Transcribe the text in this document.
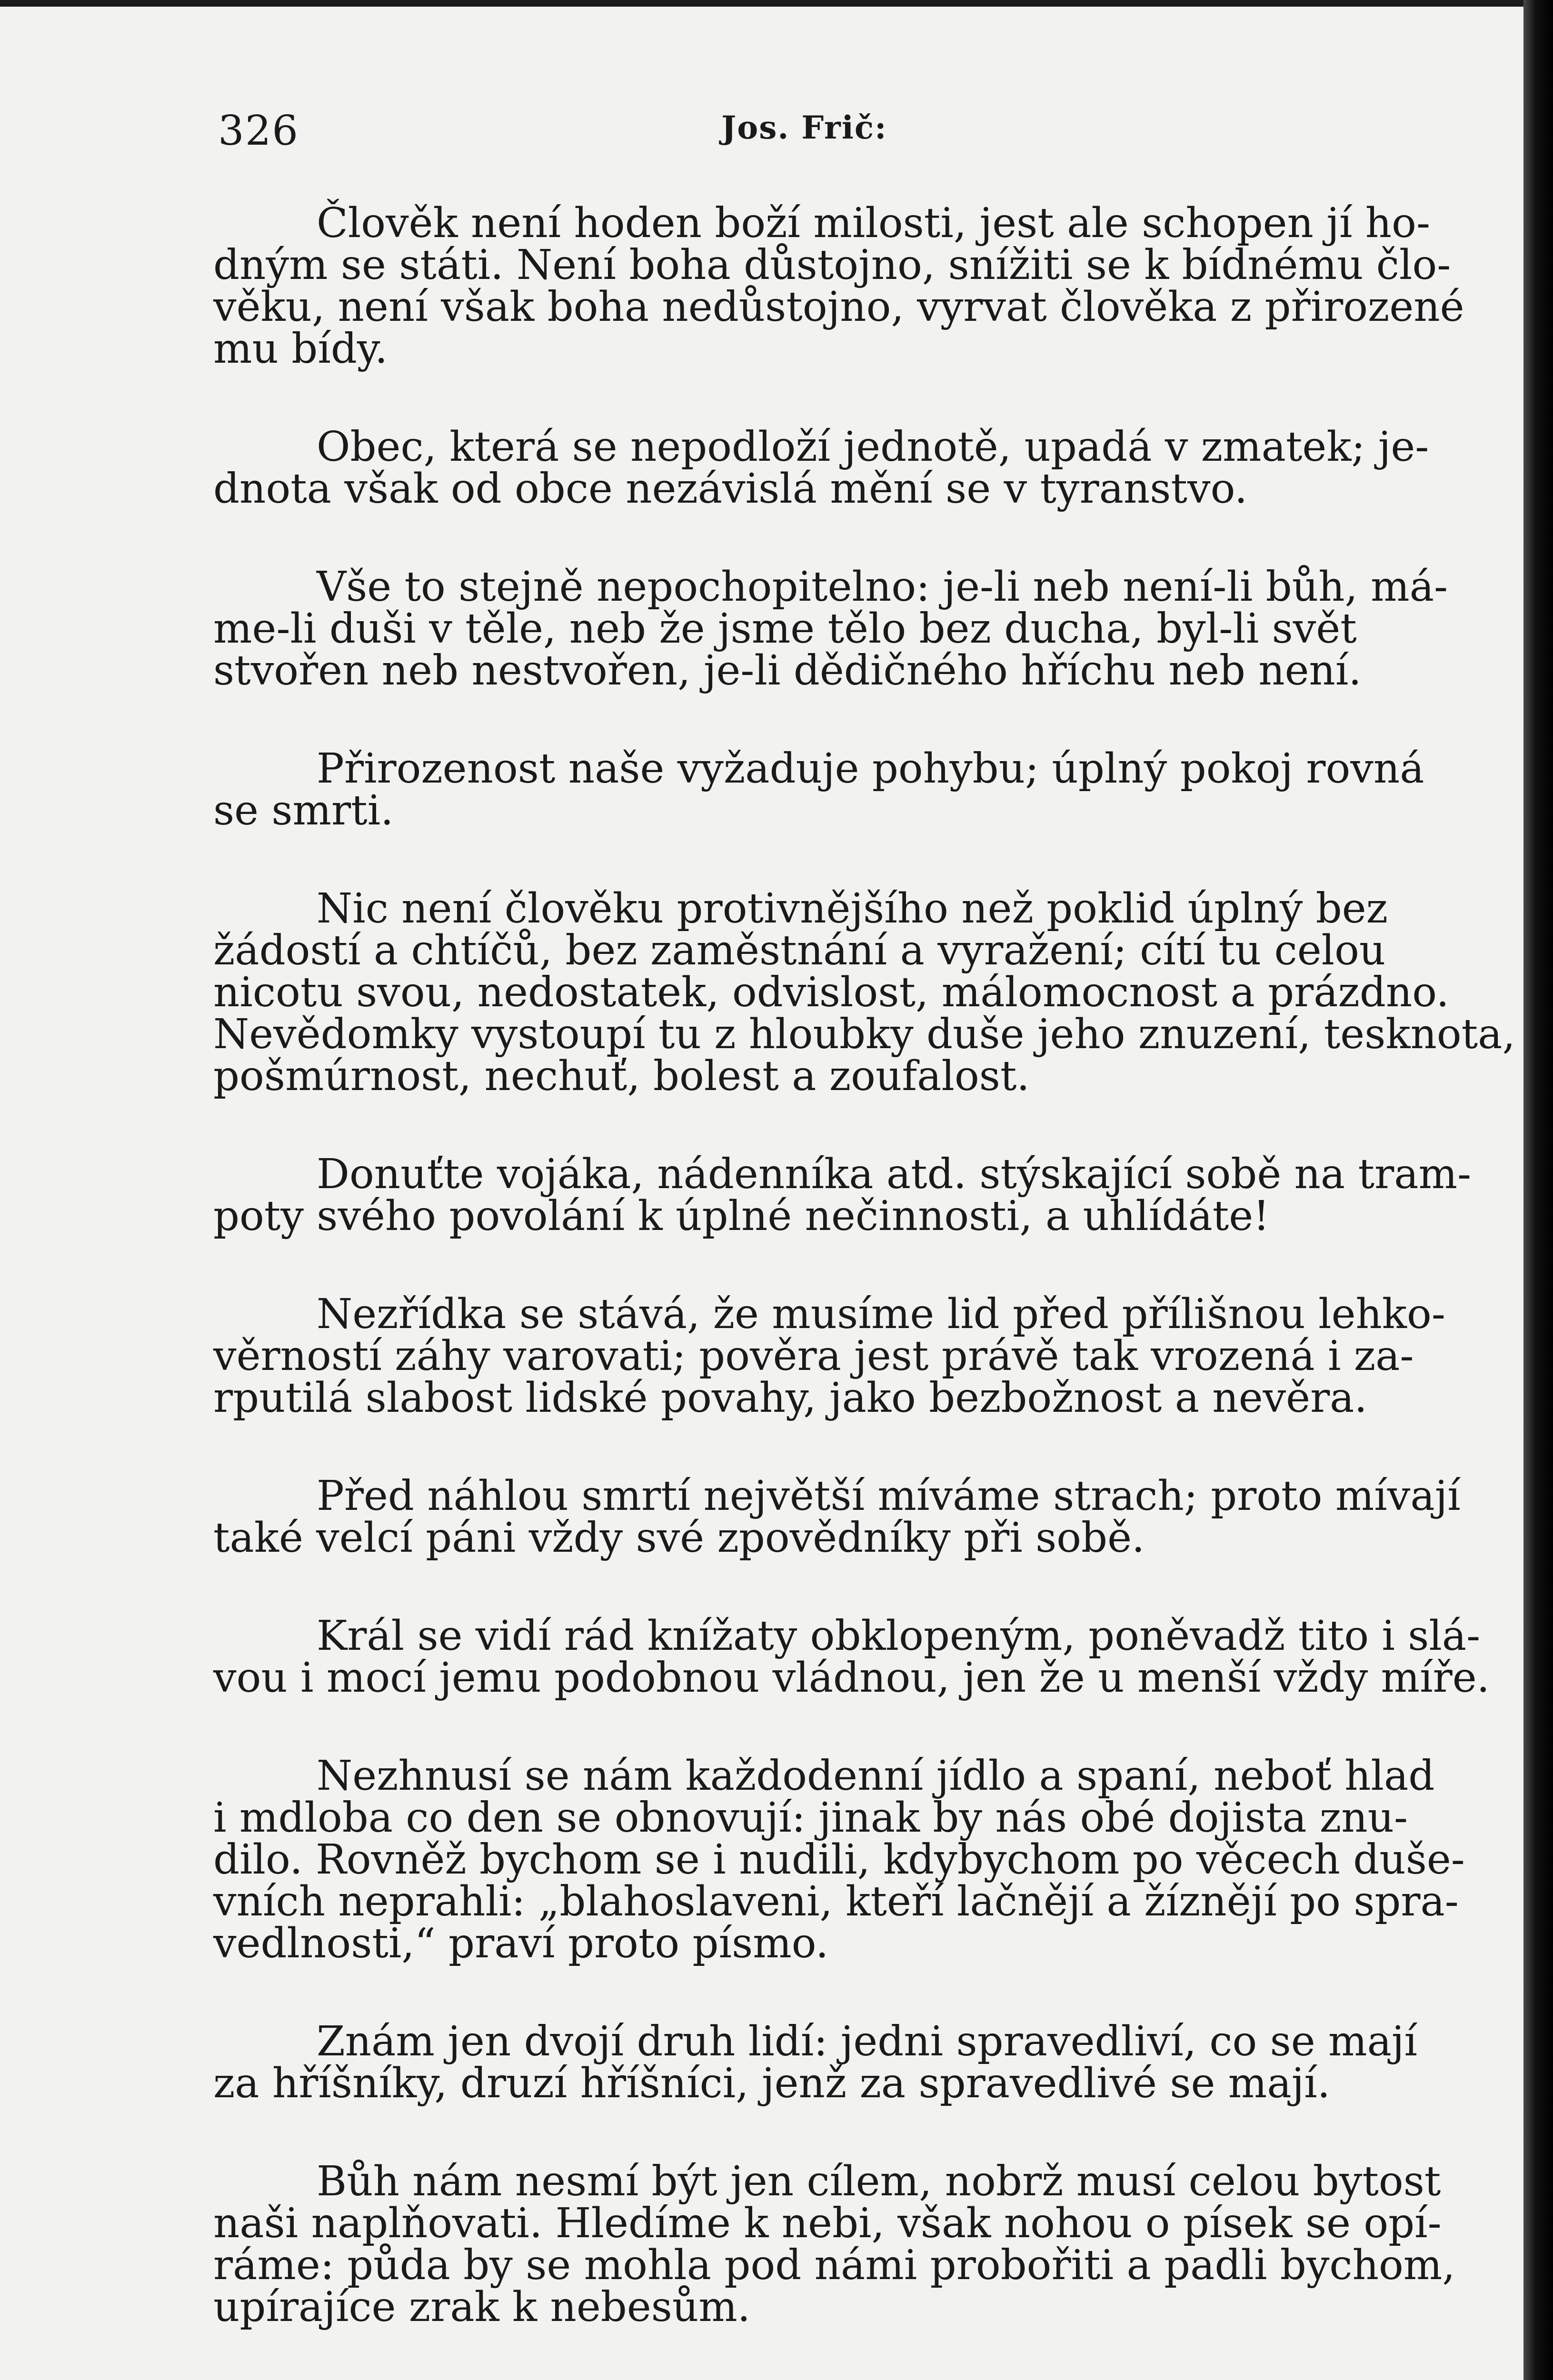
326	Jos. Frič:
Člověk není hoden boží milosti, jest ale schopen jí ho-
dným se státi. Není boha důstojno, snížiti se k bídnému člo-
věku, není však boha nedůstojno, vyrvat člověka z přirozené
mu bídy.
Obec, která se nepodloží jednotě, upadá v zmatek; je-
dnota však od obce nezávislá mění se v tyranstvo.
Vše to stejně nepochopitelno: je-li neb není-li bůh, má-
me-li duši v těle, neb že jsme tělo bez ducha, byl-li svět
stvořen neb nestvořen, je-li dědičného hříchu neb není.
Přirozenost naše vyžaduje pohybu; úplný pokoj rovná
se smrti.
Nic není člověku protivnějšího než poklid úplný bez
žádostí a chtíčů, bez zaměstnání a vyražení; cítí tu celou
nicotu svou, nedostatek, odvislost, málomocnost a prázdno.
Nevědomky vystoupí tu z hloubky duše jeho znuzení, tesknota,
pošmúrnost, nechuť, bolest a zoufalost.
Donuťte vojáka, nádenníka atd. stýskající sobě na tram-
poty svého povolání k úplné nečinnosti, a uhlídáte!
Nezřídka se stává, že musíme lid před přílišnou lehko-
věrností záhy varovati; pověra jest právě tak vrozená i za-
rputilá slabost lidské povahy, jako bezbožnost a nevěra.
Před náhlou smrtí největší míváme strach; proto mívají
také velcí páni vždy své zpovědníky při sobě.
Král se vidí rád knížaty obklopeným, poněvadž tito i slá-
vou i mocí jemu podobnou vládnou, jen že u menší vždy míře.
Nezhnusí se nám každodenní jídlo a spaní, neboť hlad
i mdloba co den se obnovují: jinak by nás obé dojista znu-
dilo. Rovněž bychom se i nudili, kdybychom po věcech duše-
vních neprahli: „blahoslaveni, kteří lačnějí a žíznějí po spra-
vedlnosti,“ praví proto písmo.
Znám jen dvojí druh lidí: jedni spravedliví, co se mají
za hříšníky, druzí hříšníci, jenž za spravedlivé se mají.
Bůh nám nesmí být jen cílem, nobrž musí celou bytost
naši naplňovati. Hledíme k nebi, však nohou o písek se opí-
ráme: půda by se mohla pod námi probořiti a padli bychom,
upírajíce zrak k nebesům.
